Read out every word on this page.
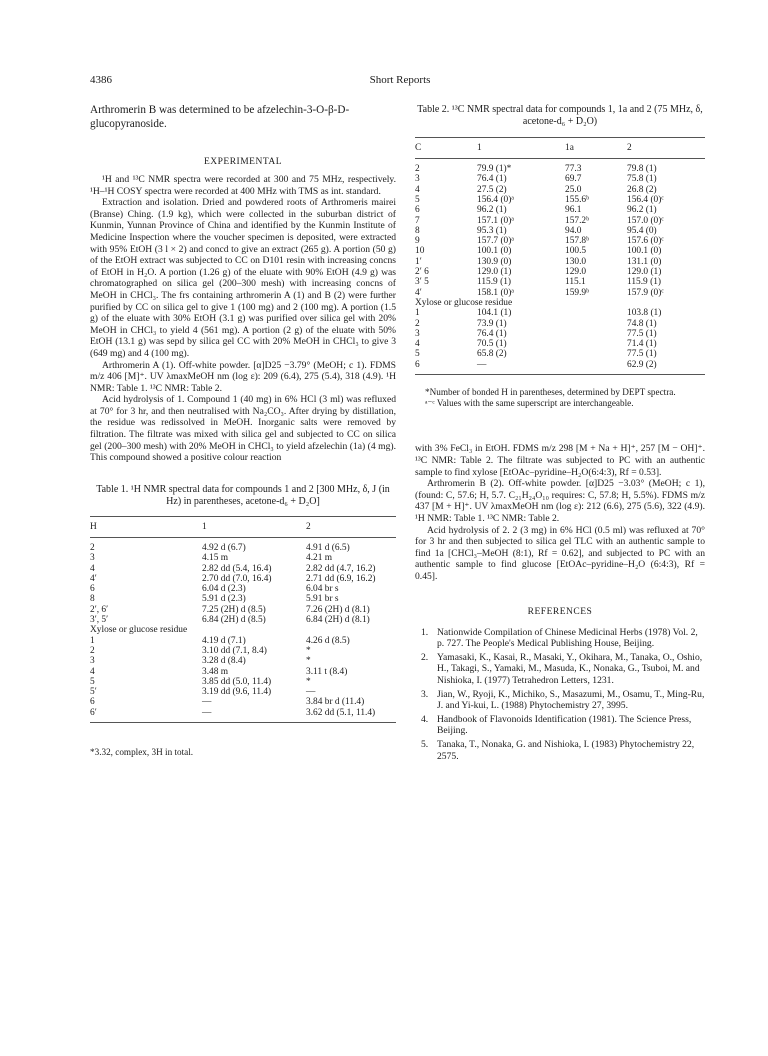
4386	Short Reports

Arthromerin B was determined to be afzelechin-3-O-β-D-glucopyranoside.

EXPERIMENTAL

¹H and ¹³C NMR spectra were recorded at 300 and 75 MHz, respectively. ¹H–¹H COSY spectra were recorded at 400 MHz with TMS as int. standard.

Extraction and isolation. Dried and powdered roots of Arthromeris mairei (Branse) Ching. (1.9 kg), which were collected in the suburban district of Kunmin, Yunnan Province of China and identified by the Kunmin Institute of Medicine Inspection where the voucher specimen is deposited, were extracted with 95% EtOH (3 l × 2) and concd to give an extract (265 g). A portion (50 g) of the EtOH extract was subjected to CC on D101 resin with increasing concns of EtOH in H₂O. A portion (1.26 g) of the eluate with 90% EtOH (4.9 g) was chromatographed on silica gel (200–300 mesh) with increasing concns of MeOH in CHCl₃. The frs containing arthromerin A (1) and B (2) were further purified by CC on silica gel to give 1 (100 mg) and 2 (100 mg). A portion (1.5 g) of the eluate with 30% EtOH (3.1 g) was purified over silica gel with 20% MeOH in CHCl₃ to yield 4 (561 mg). A portion (2 g) of the eluate with 50% EtOH (13.1 g) was sepd by silica gel CC with 20% MeOH in CHCl₃ to give 3 (649 mg) and 4 (100 mg).

Arthromerin A (1). Off-white powder. [α]D25 −3.79° (MeOH; c 1). FDMS m/z 406 [M]⁺. UV λmaxMeOH nm (log ε): 209 (6.4), 275 (5.4), 318 (4.9). ¹H NMR: Table 1. ¹³C NMR: Table 2.

Acid hydrolysis of 1. Compound 1 (40 mg) in 6% HCl (3 ml) was refluxed at 70° for 3 hr, and then neutralised with Na₂CO₃. After drying by distillation, the residue was redissolved in MeOH. Inorganic salts were removed by filtration. The filtrate was mixed with silica gel and subjected to CC on silica gel (200–300 mesh) with 20% MeOH in CHCl₃ to yield afzelechin (1a) (4 mg). This compound showed a positive colour reaction

Table 1. ¹H NMR spectral data for compounds 1 and 2 [300 MHz, δ, J (in Hz) in parentheses, acetone-d₆ + D₂O]

H	1	2
2	4.92 d (6.7)	4.91 d (6.5)
3	4.15 m	4.21 m
4	2.82 dd (5.4, 16.4)	2.82 dd (4.7, 16.2)
4′	2.70 dd (7.0, 16.4)	2.71 dd (6.9, 16.2)
6	6.04 d (2.3)	6.04 br s
8	5.91 d (2.3)	5.91 br s
2′, 6′	7.25 (2H) d (8.5)	7.26 (2H) d (8.1)
3′, 5′	6.84 (2H) d (8.5)	6.84 (2H) d (8.1)
Xylose or glucose residue		
1	4.19 d (7.1)	4.26 d (8.5)
2	3.10 dd (7.1, 8.4)	*
3	3.28 d (8.4)	*
4	3.48 m	3.11 t (8.4)
5	3.85 dd (5.0, 11.4)	*
5′	3.19 dd (9.6, 11.4)	—
6	—	3.84 br d (11.4)
6′	—	3.62 dd (5.1, 11.4)

*3.32, complex, 3H in total.

Table 2. ¹³C NMR spectral data for compounds 1, 1a and 2 (75 MHz, δ, acetone-d₆ + D₂O)

C	1	1a	2
2	79.9 (1)*	77.3	79.8 (1)
3	76.4 (1)	69.7	75.8 (1)
4	27.5 (2)	25.0	26.8 (2)
5	156.4 (0)ᵃ	155.6ᵇ	156.4 (0)ᶜ
6	96.2 (1)	96.1	96.2 (1)
7	157.1 (0)ᵃ	157.2ᵇ	157.0 (0)ᶜ
8	95.3 (1)	94.0	95.4 (0)
9	157.7 (0)ᵃ	157.8ᵇ	157.6 (0)ᶜ
10	100.1 (0)	100.5	100.1 (0)
1′	130.9 (0)	130.0	131.1 (0)
2′ 6	129.0 (1)	129.0	129.0 (1)
3′ 5	115.9 (1)	115.1	115.9 (1)
4′	158.1 (0)ᵃ	159.9ᵇ	157.9 (0)ᶜ
Xylose or glucose residue			
1	104.1 (1)		103.8 (1)
2	73.9 (1)		74.8 (1)
3	76.4 (1)		77.5 (1)
4	70.5 (1)		71.4 (1)
5	65.8 (2)		77.5 (1)
6	—		62.9 (2)

*Number of bonded H in parentheses, determined by DEPT spectra.

ᵃ⁻ᶜ Values with the same superscript are interchangeable.

with 3% FeCl₃ in EtOH. FDMS m/z 298 [M + Na + H]⁺, 257 [M − OH]⁺. ¹³C NMR: Table 2. The filtrate was subjected to PC with an authentic sample to find xylose [EtOAc–pyridine–H₂O(6:4:3), Rf = 0.53].

Arthromerin B (2). Off-white powder. [α]D25 −3.03° (MeOH; c 1), (found: C, 57.6; H, 5.7. C₂₁H₂₄O₁₀ requires: C, 57.8; H, 5.5%). FDMS m/z 437 [M + H]⁺. UV λmaxMeOH nm (log ε): 212 (6.6), 275 (5.6), 322 (4.9). ¹H NMR: Table 1. ¹³C NMR: Table 2.

Acid hydrolysis of 2. 2 (3 mg) in 6% HCl (0.5 ml) was refluxed at 70° for 3 hr and then subjected to silica gel TLC with an authentic sample to find 1a [CHCl₃–MeOH (8:1), Rf = 0.62], and subjected to PC with an authentic sample to find glucose [EtOAc–pyridine–H₂O (6:4:3), Rf = 0.45].

REFERENCES
1. Nationwide Compilation of Chinese Medicinal Herbs (1978) Vol. 2, p. 727. The People's Medical Publishing House, Beijing.
2. Yamasaki, K., Kasai, R., Masaki, Y., Okihara, M., Tanaka, O., Oshio, H., Takagi, S., Yamaki, M., Masuda, K., Nonaka, G., Tsuboi, M. and Nishioka, I. (1977) Tetrahedron Letters, 1231.
3. Jian, W., Ryoji, K., Michiko, S., Masazumi, M., Osamu, T., Ming-Ru, J. and Yi-kui, L. (1988) Phytochemistry 27, 3995.
4. Handbook of Flavonoids Identification (1981). The Science Press, Beijing.
5. Tanaka, T., Nonaka, G. and Nishioka, I. (1983) Phytochemistry 22, 2575.
